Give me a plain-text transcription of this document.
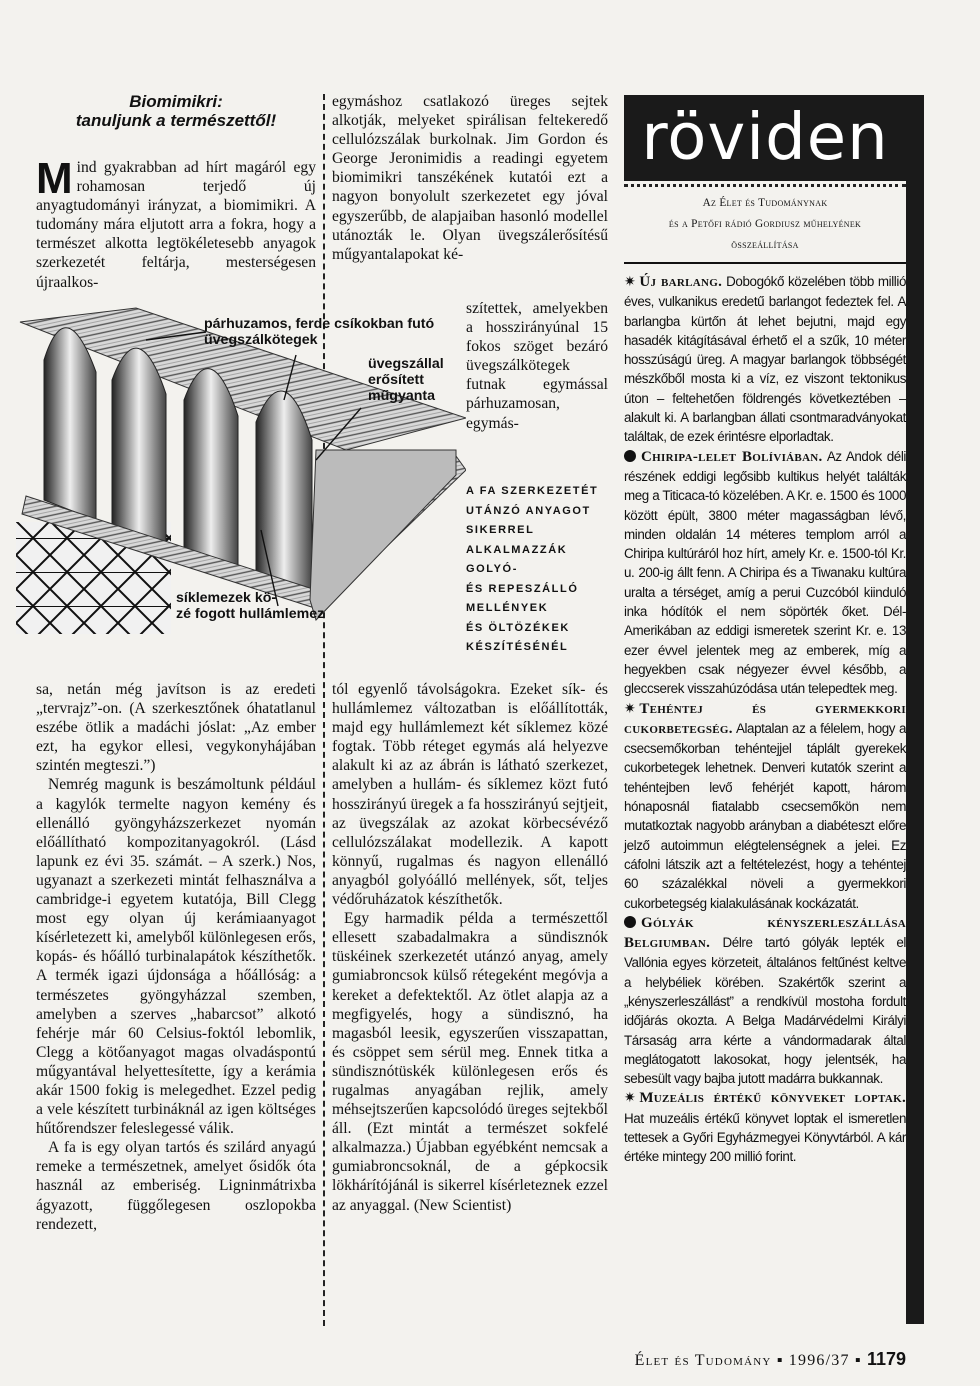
Biomimikri:
tanuljunk a természettől!

Mind gyakrabban ad hírt magáról egy rohamosan terjedő új anyagtudományi irányzat, a biomimikri. A tudomány mára eljutott arra a fokra, hogy a természet alkotta legtökéletesebb anyagok szerkezetét feltárja, mesterségesen újraalkos-

egymáshoz csatlakozó üreges sejtek alkotják, melyeket spirálisan feltekeredő cellulózszálak burkolnak. Jim Gordon és George Jeronimidis a readingi egyetem biomimikri tanszékének kutatói ezt a nagyon bonyolult szerkezetet egy jóval egyszerűbb, de alapjaiban hasonló modellel utánozták le. Olyan üvegszálerősítésű műgyantalapokat ké-

szítettek, amelyekben a hosszirányúnal 15 fokos szöget bezáró üvegszálkötegek futnak egymással párhuzamosan, egymás-

párhuzamos, ferde csíkokban futó
üvegszálkötegek
üvegszállal
erősített
műgyanta
síklemezek kö-
zé fogott hullámlemez
A FA SZERKEZETÉT
UTÁNZÓ ANYAGOT
SIKERREL
ALKALMAZZÁK
GOLYÓ-
ÉS REPESZÁLLÓ
MELLÉNYEK
ÉS ÖLTÖZÉKEK
KÉSZÍTÉSÉNÉL

sa, netán még javítson is az eredeti „tervrajz”-on. (A szerkesztőnek óhatatlanul eszébe ötlik a madáchi jóslat: „Az ember ezt, ha egykor ellesi, vegykonyhájában szintén megteszi.”)

Nemrég magunk is beszámoltunk például a kagylók termelte nagyon kemény és ellenálló gyöngyházszerkezet nyomán előállítható kompozitanyagokról. (Lásd lapunk ez évi 35. számát. – A szerk.) Nos, ugyanazt a szerkezeti mintát felhasználva a cambridge-i egyetem kutatója, Bill Clegg most egy olyan új kerámiaanyagot kísérletezett ki, amelyből különlegesen erős, kopás- és hőálló turbinalapátok készíthetők. A termék igazi újdonsága a hőállóság: a természetes gyöngyházzal szemben, amelyben a szerves „habarcsot” alkotó fehérje már 60 Celsius-foktól lebomlik, Clegg a kötőanyagot magas olvadáspontú műgyantával helyettesítette, így a kerámia akár 1500 fokig is melegedhet. Ezzel pedig a vele készített turbináknál az igen költséges hűtőrendszer feleslegessé válik.

A fa is egy olyan tartós és szilárd anyagú remeke a természetnek, amelyet ősidők óta használ az emberiség. Ligninmátrixba ágyazott, függőlegesen oszlopokba rendezett,

tól egyenlő távolságokra. Ezeket sík- és hullámlemez változatban is előállították, majd egy hullámlemezt két síklemez közé fogtak. Több réteget egymás alá helyezve alakult ki az az ábrán is látható szerkezet, amelyben a hullám- és síklemez közt futó hosszirányú üregek a fa hosszirányú sejtjeit, az üvegszálak az azokat körbecsévéző cellulózszálakat modellezik. A kapott könnyű, rugalmas és nagyon ellenálló anyagból golyóálló mellények, sőt, teljes védőruházatok készíthetők.

Egy harmadik példa a természettől ellesett szabadalmakra a sündisznók tüskéinek szerkezetét utánzó anyag, amely gumiabroncsok külső rétegeként megóvja a kereket a defektektől. Az ötlet alapja az a megfigyelés, hogy a sündisznó, ha magasból leesik, egyszerűen visszapattan, és csöppet sem sérül meg. Ennek titka a sündisznótüskék különlegesen erős és rugalmas anyagában rejlik, amely méhsejtszerűen kapcsolódó üreges sejtekből áll. (Ezt mintát a természet sokfelé alkalmazza.) Újabban egyébként nemcsak a gumiabroncsoknál, de a gépkocsik lökhárítójánál is sikerrel kísérleteznek ezzel az anyaggal. (New Scientist)

röviden
Az Élet és Tudománynak
és a Petőfi rádió Gordiusz műhelyének
összeállítása
✷ Új barlang. Dobogókő közelében több millió éves, vulkanikus eredetű barlangot fedeztek fel. A barlangba kürtőn át lehet bejutni, majd egy hasadék kitágításával érhető el a szűk, 10 méter hosszúságú üreg. A magyar barlangok többségét mészkőből mosta ki a víz, ez viszont tektonikus úton – feltehetően földrengés következtében – alakult ki. A barlangban állati csontmaradványokat találtak, de ezek érintésre elporladtak.
Chiripa-lelet Bolíviában. Az Andok déli részének eddigi legősibb kultikus helyét találták meg a Titicaca-tó közelében. A Kr. e. 1500 és 1000 között épült, 3800 méter magasságban lévő, minden oldalán 14 méteres templom arról a Chiripa kultúráról hoz hírt, amely Kr. e. 1500-tól Kr. u. 200-ig állt fenn. A Chiripa és a Tiwanaku kultúra uralta a térséget, amíg a perui Cuzcóból kiinduló inka hódítók el nem söpörték őket. Dél-Amerikában az eddigi ismeretek szerint Kr. e. 13 ezer évvel jelentek meg az emberek, míg a hegyekben csak négyezer évvel később, a gleccserek visszahúzódása után telepedtek meg.
✷ Tehéntej és gyermekkori cukorbetegség. Alaptalan az a félelem, hogy a csecsemőkorban tehéntejjel táplált gyerekek cukorbetegek lehetnek. Denveri kutatók szerint a tehéntejben levő fehérjét kapott, három hónaposnál fiatalabb csecsemőkön nem mutatkoztak nagyobb arányban a diabéteszt előre jelző autoimmun elégtelenségnek a jelei. Ez cáfolni látszik azt a feltételezést, hogy a tehéntej 60 százalékkal növeli a gyermekkori cukorbetegség kialakulásának kockázatát.
Gólyák kényszerleszállása Belgiumban. Délre tartó gólyák lepték el Vallónia egyes körzeteit, általános feltűnést keltve a helybéliek körében. Szakértők szerint a „kényszerleszállást” a rendkívül mostoha fordult időjárás okozta. A Belga Madárvédelmi Királyi Társaság arra kérte a vándormadarak által meglátogatott lakosokat, hogy jelentsék, ha sebesült vagy bajba jutott madárra bukkannak.
✷ Muzeális értékű könyveket loptak. Hat muzeális értékű könyvet loptak el ismeretlen tettesek a Győri Egyházmegyei Könyvtárból. A kár értéke mintegy 200 millió forint.
Élet és Tudomány ▪ 1996/37 ▪ 1179
